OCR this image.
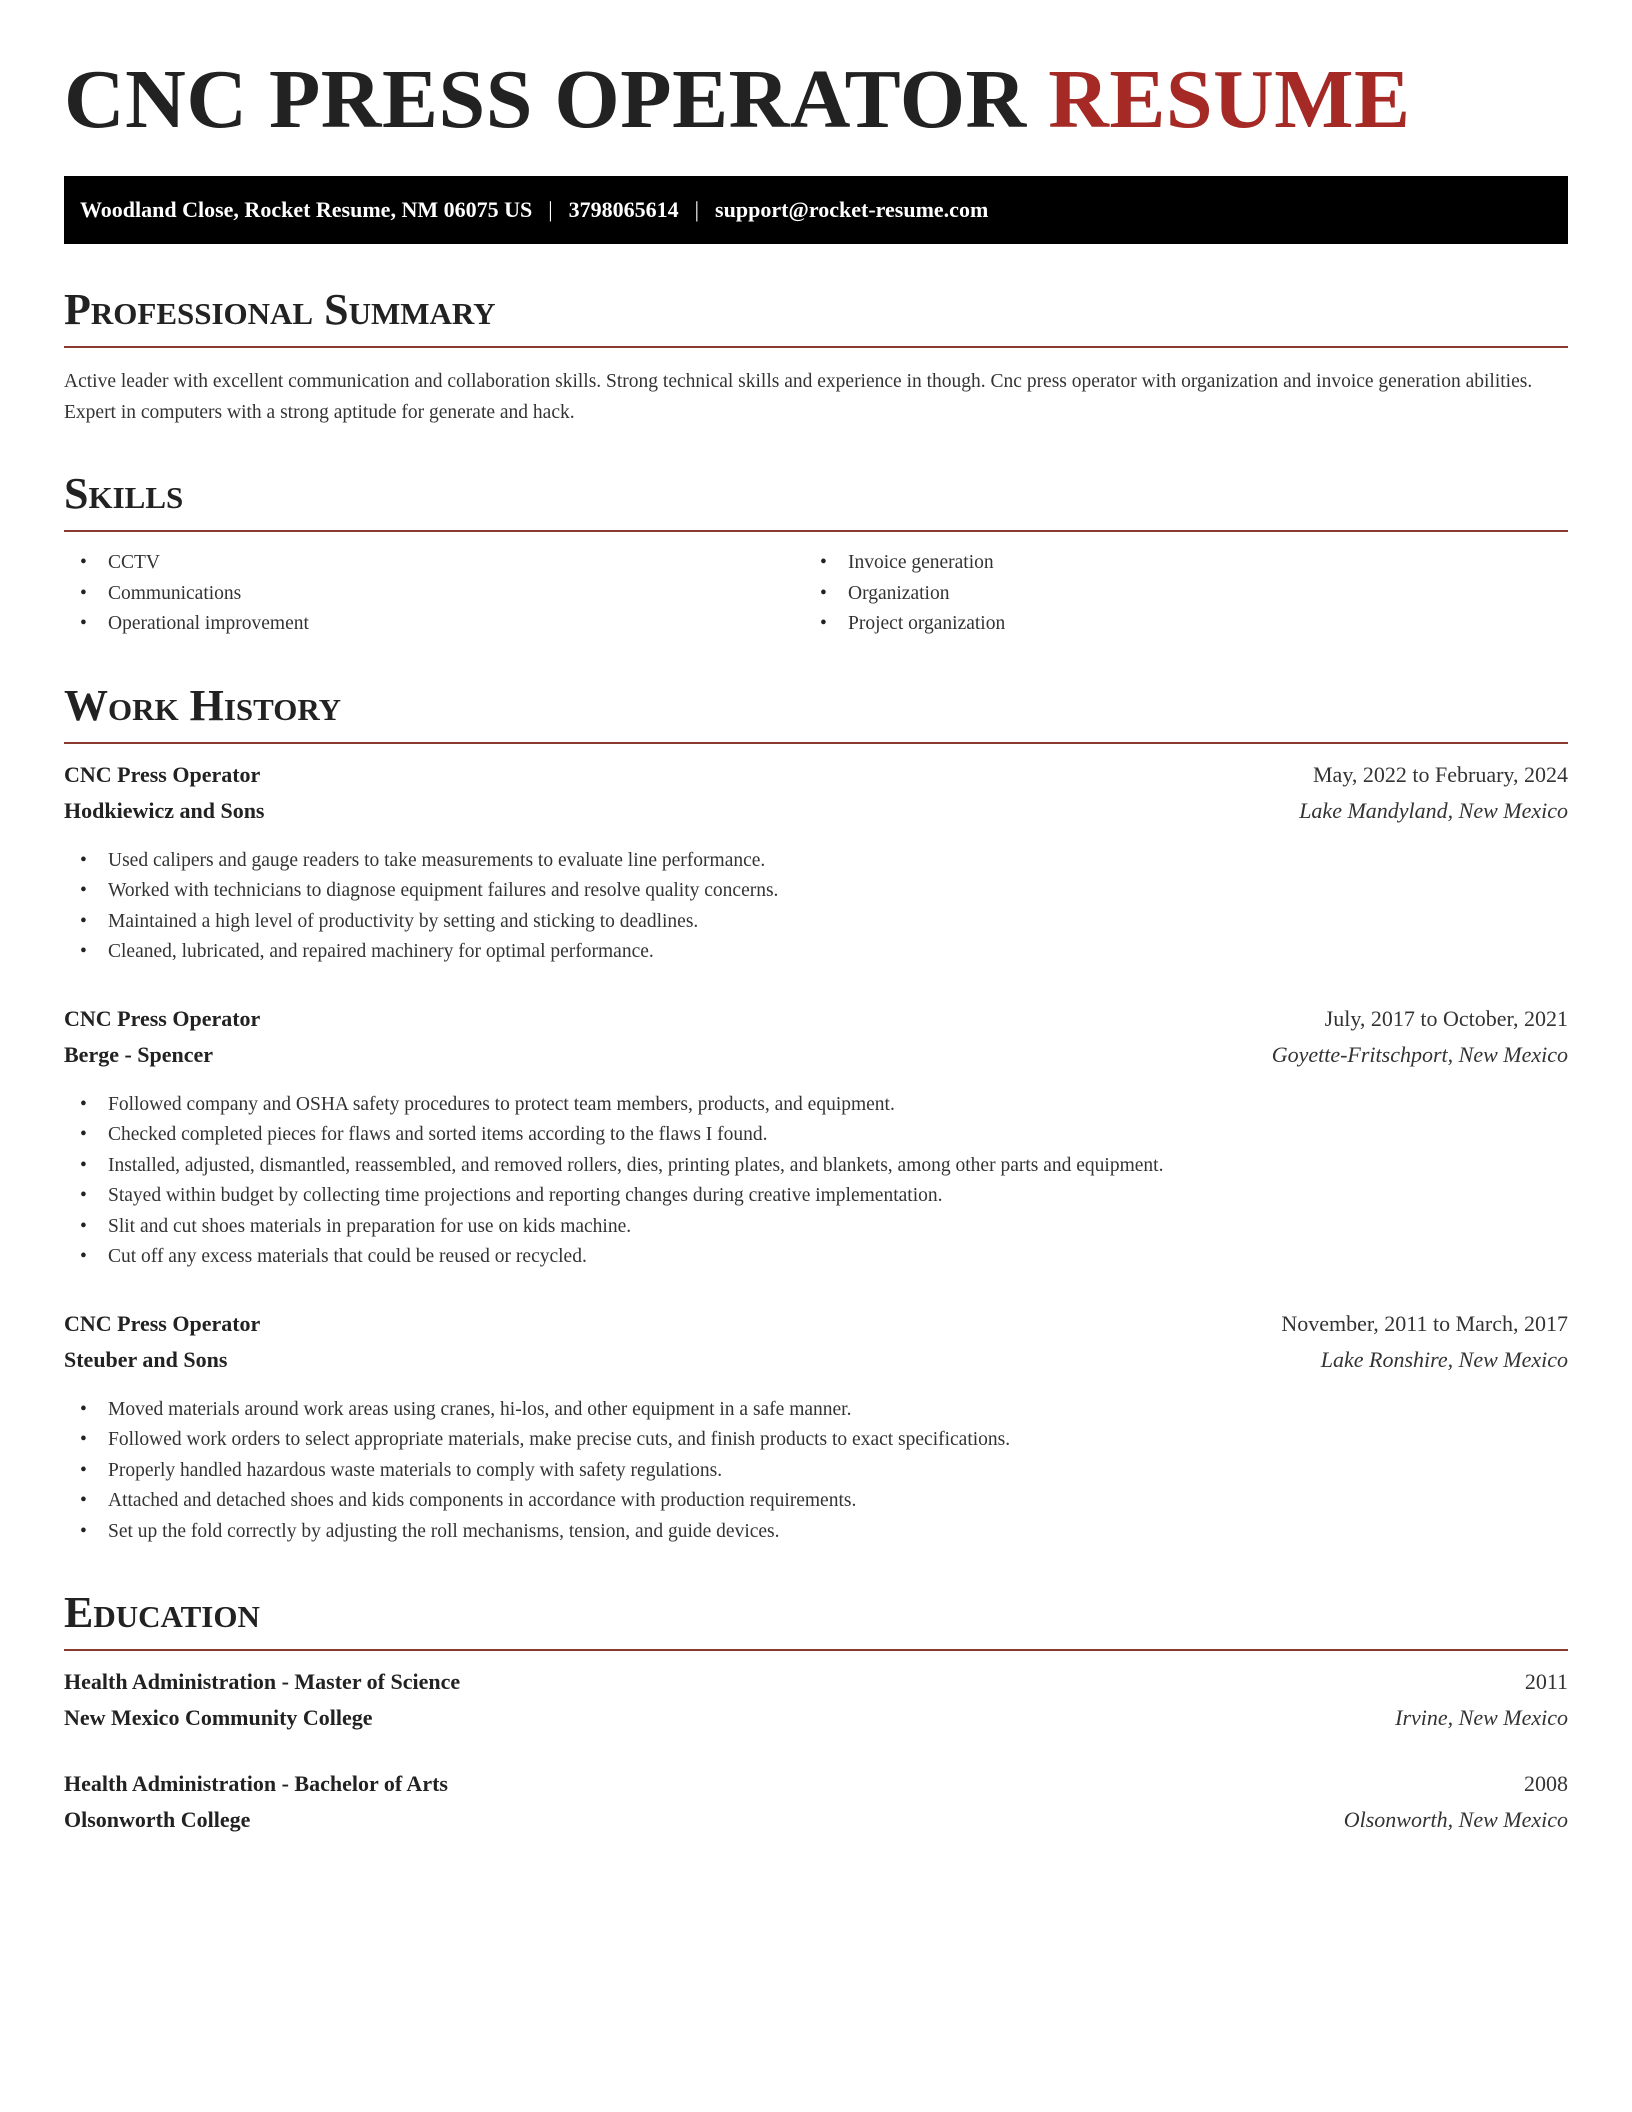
CNC PRESS OPERATOR RESUME
Woodland Close, Rocket Resume, NM 06075 US | 3798065614 | support@rocket-resume.com
Professional Summary
Active leader with excellent communication and collaboration skills. Strong technical skills and experience in though. Cnc press operator with organization and invoice generation abilities. Expert in computers with a strong aptitude for generate and hack.
Skills
• CCTV
• Communications
• Operational improvement
• Invoice generation
• Organization
• Project organization
Work History
CNC Press Operator	May, 2022 to February, 2024
Hodkiewicz and Sons	Lake Mandyland, New Mexico
• Used calipers and gauge readers to take measurements to evaluate line performance.
• Worked with technicians to diagnose equipment failures and resolve quality concerns.
• Maintained a high level of productivity by setting and sticking to deadlines.
• Cleaned, lubricated, and repaired machinery for optimal performance.
CNC Press Operator	July, 2017 to October, 2021
Berge - Spencer	Goyette-Fritschport, New Mexico
• Followed company and OSHA safety procedures to protect team members, products, and equipment.
• Checked completed pieces for flaws and sorted items according to the flaws I found.
• Installed, adjusted, dismantled, reassembled, and removed rollers, dies, printing plates, and blankets, among other parts and equipment.
• Stayed within budget by collecting time projections and reporting changes during creative implementation.
• Slit and cut shoes materials in preparation for use on kids machine.
• Cut off any excess materials that could be reused or recycled.
CNC Press Operator	November, 2011 to March, 2017
Steuber and Sons	Lake Ronshire, New Mexico
• Moved materials around work areas using cranes, hi-los, and other equipment in a safe manner.
• Followed work orders to select appropriate materials, make precise cuts, and finish products to exact specifications.
• Properly handled hazardous waste materials to comply with safety regulations.
• Attached and detached shoes and kids components in accordance with production requirements.
• Set up the fold correctly by adjusting the roll mechanisms, tension, and guide devices.
Education
Health Administration - Master of Science	2011
New Mexico Community College	Irvine, New Mexico
Health Administration - Bachelor of Arts	2008
Olsonworth College	Olsonworth, New Mexico
